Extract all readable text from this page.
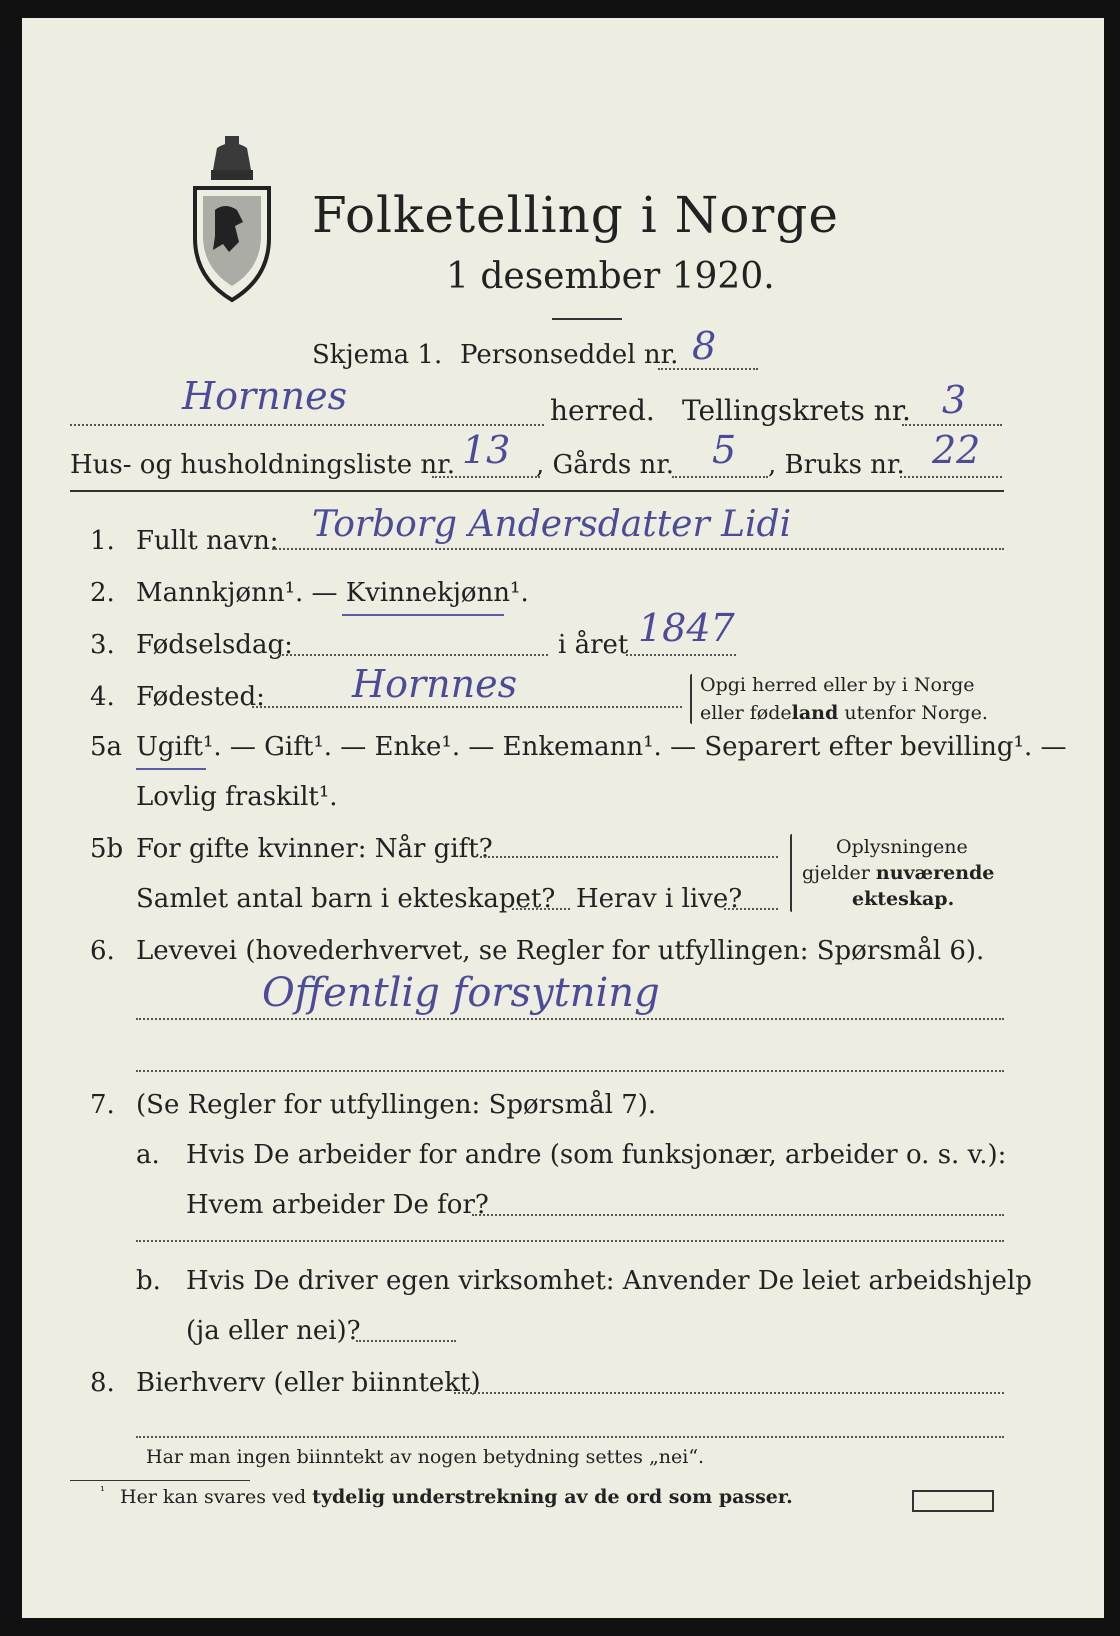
Folketelling i Norge
1 desember 1920.
Skjema 1. Personseddel nr. 8
Hornnes	herred. Tellingskrets nr. 3
Hus- og husholdningsliste nr. 13 , Gårds nr. 5 , Bruks nr. 22
1. Fullt navn: Torborg Andersdatter Lidi
2. Mannkjønn¹. — Kvinnekjønn¹.
3. Fødselsdag:	i året 1847
4. Fødested: Hornnes	Opgi herred eller by i Norge
eller fødeland utenfor Norge.
5a Ugift¹. — Gift¹. — Enke¹. — Enkemann¹. — Separert efter bevilling¹. —
Lovlig fraskilt¹.
5b For gifte kvinner: Når gift?
Samlet antal barn i ekteskapet? Herav i live?
Oplysningene
gjelder nuværende
ekteskap.
6. Levevei (hovederhvervet, se Regler for utfyllingen: Spørsmål 6).
Offentlig forsytning
7. (Se Regler for utfyllingen: Spørsmål 7).
a. Hvis De arbeider for andre (som funksjonær, arbeider o. s. v.):
Hvem arbeider De for?
b. Hvis De driver egen virksomhet: Anvender De leiet arbeidshjelp
(ja eller nei)?
8. Bierhverv (eller biinntekt)
Har man ingen biinntekt av nogen betydning settes „nei“.
¹ Her kan svares ved tydelig understrekning av de ord som passer.
